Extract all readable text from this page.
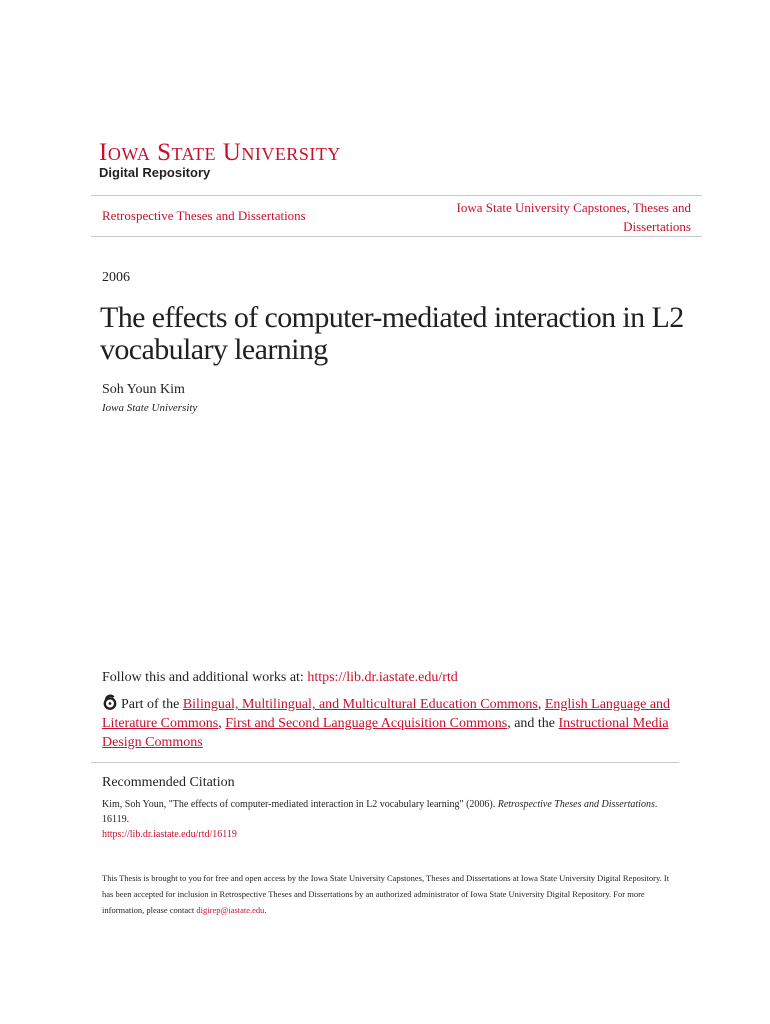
Iowa State University
Digital Repository
Retrospective Theses and Dissertations
Iowa State University Capstones, Theses and Dissertations
2006
The effects of computer-mediated interaction in L2 vocabulary learning
Soh Youn Kim
Iowa State University
Follow this and additional works at: https://lib.dr.iastate.edu/rtd
Part of the Bilingual, Multilingual, and Multicultural Education Commons, English Language and Literature Commons, First and Second Language Acquisition Commons, and the Instructional Media Design Commons
Recommended Citation
Kim, Soh Youn, "The effects of computer-mediated interaction in L2 vocabulary learning" (2006). Retrospective Theses and Dissertations. 16119.
https://lib.dr.iastate.edu/rtd/16119
This Thesis is brought to you for free and open access by the Iowa State University Capstones, Theses and Dissertations at Iowa State University Digital Repository. It has been accepted for inclusion in Retrospective Theses and Dissertations by an authorized administrator of Iowa State University Digital Repository. For more information, please contact digirep@iastate.edu.
